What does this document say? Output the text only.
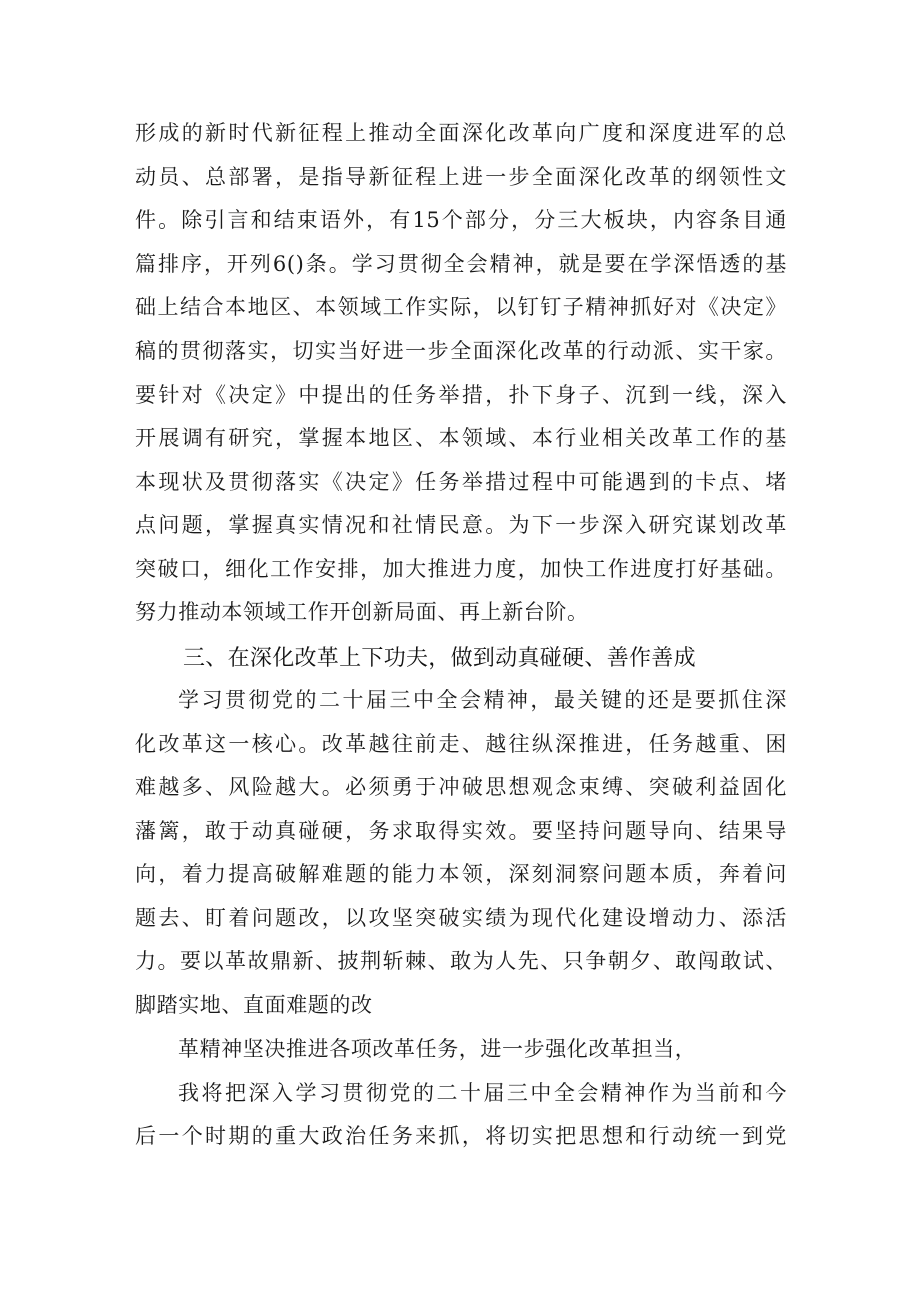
形成的新时代新征程上推动全面深化改革向广度和深度进军的总
动员、总部署，是指导新征程上进一步全面深化改革的纲领性文
件。除引言和结束语外，有15个部分，分三大板块，内容条目通
篇排序，开列6()条。学习贯彻全会精神，就是要在学深悟透的基
础上结合本地区、本领域工作实际，以钉钉子精神抓好对《决定》
稿的贯彻落实，切实当好进一步全面深化改革的行动派、实干家。
要针对《决定》中提出的任务举措，扑下身子、沉到一线，深入
开展调有研究，掌握本地区、本领域、本行业相关改革工作的基
本现状及贯彻落实《决定》任务举措过程中可能遇到的卡点、堵
点问题，掌握真实情况和社情民意。为下一步深入研究谋划改革
突破口，细化工作安排，加大推进力度，加快工作进度打好基础。
努力推动本领域工作开创新局面、再上新台阶。
三、在深化改革上下功夫，做到动真碰硬、善作善成
学习贯彻党的二十届三中全会精神，最关键的还是要抓住深
化改革这一核心。改革越往前走、越往纵深推进，任务越重、困
难越多、风险越大。必须勇于冲破思想观念束缚、突破利益固化
藩篱，敢于动真碰硬，务求取得实效。要坚持问题导向、结果导
向，着力提高破解难题的能力本领，深刻洞察问题本质，奔着问
题去、盯着问题改，以攻坚突破实绩为现代化建设增动力、添活
力。要以革故鼎新、披荆斩棘、敢为人先、只争朝夕、敢闯敢试、
脚踏实地、直面难题的改
革精神坚决推进各项改革任务，进一步强化改革担当，
我将把深入学习贯彻党的二十届三中全会精神作为当前和今
后一个时期的重大政治任务来抓，将切实把思想和行动统一到党
